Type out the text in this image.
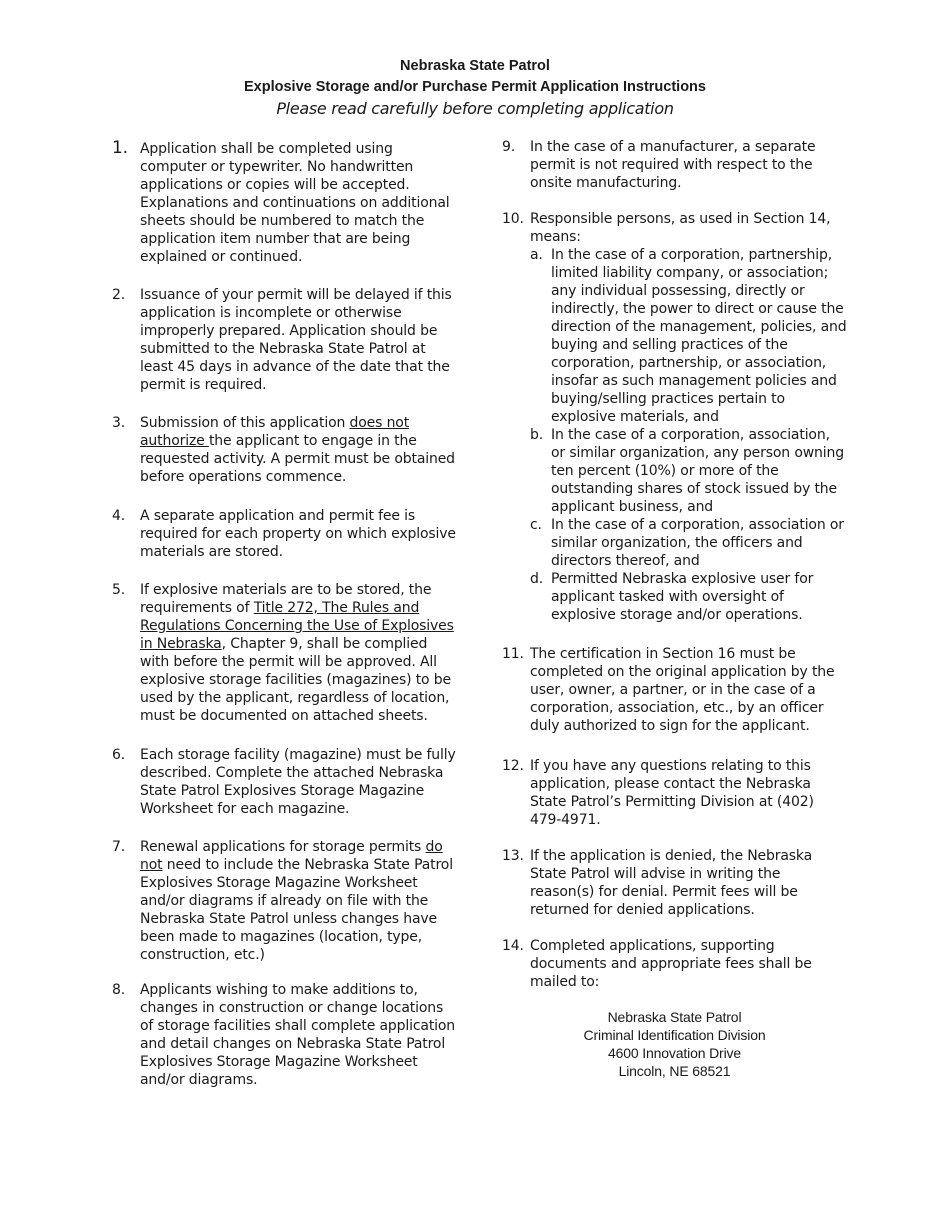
Nebraska State Patrol
Explosive Storage and/or Purchase Permit Application Instructions
Please read carefully before completing application
1. Application shall be completed using computer or typewriter. No handwritten applications or copies will be accepted. Explanations and continuations on additional sheets should be numbered to match the application item number that are being explained or continued.
2. Issuance of your permit will be delayed if this application is incomplete or otherwise improperly prepared. Application should be submitted to the Nebraska State Patrol at least 45 days in advance of the date that the permit is required.
3. Submission of this application does not authorize the applicant to engage in the requested activity. A permit must be obtained before operations commence.
4. A separate application and permit fee is required for each property on which explosive materials are stored.
5. If explosive materials are to be stored, the requirements of Title 272, The Rules and Regulations Concerning the Use of Explosives in Nebraska, Chapter 9, shall be complied with before the permit will be approved. All explosive storage facilities (magazines) to be used by the applicant, regardless of location, must be documented on attached sheets.
6. Each storage facility (magazine) must be fully described. Complete the attached Nebraska State Patrol Explosives Storage Magazine Worksheet for each magazine.
7. Renewal applications for storage permits do not need to include the Nebraska State Patrol Explosives Storage Magazine Worksheet and/or diagrams if already on file with the Nebraska State Patrol unless changes have been made to magazines (location, type, construction, etc.)
8. Applicants wishing to make additions to, changes in construction or change locations of storage facilities shall complete application and detail changes on Nebraska State Patrol Explosives Storage Magazine Worksheet and/or diagrams.
9. In the case of a manufacturer, a separate permit is not required with respect to the onsite manufacturing.
10. Responsible persons, as used in Section 14, means:
a. In the case of a corporation, partnership, limited liability company, or association; any individual possessing, directly or indirectly, the power to direct or cause the direction of the management, policies, and buying and selling practices of the corporation, partnership, or association, insofar as such management policies and buying/selling practices pertain to explosive materials, and
b. In the case of a corporation, association, or similar organization, any person owning ten percent (10%) or more of the outstanding shares of stock issued by the applicant business, and
c. In the case of a corporation, association or similar organization, the officers and directors thereof, and
d. Permitted Nebraska explosive user for applicant tasked with oversight of explosive storage and/or operations.
11. The certification in Section 16 must be completed on the original application by the user, owner, a partner, or in the case of a corporation, association, etc., by an officer duly authorized to sign for the applicant.
12. If you have any questions relating to this application, please contact the Nebraska State Patrol’s Permitting Division at (402) 479-4971.
13. If the application is denied, the Nebraska State Patrol will advise in writing the reason(s) for denial. Permit fees will be returned for denied applications.
14. Completed applications, supporting documents and appropriate fees shall be mailed to:
Nebraska State Patrol
Criminal Identification Division
4600 Innovation Drive
Lincoln, NE 68521
